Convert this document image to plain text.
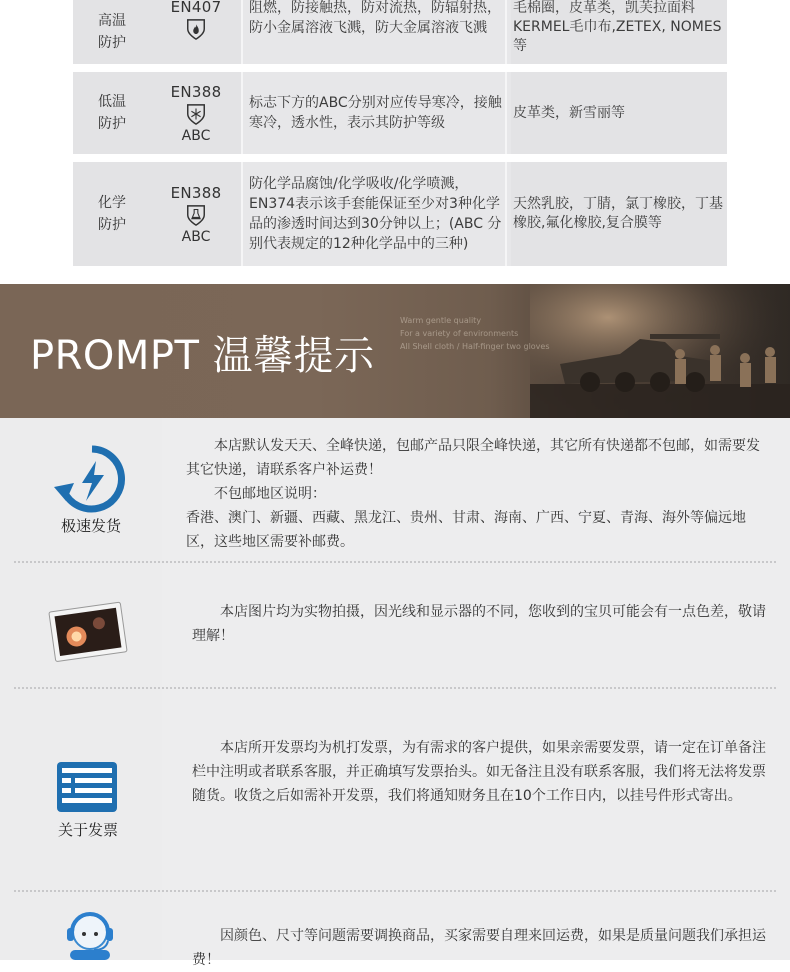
高温
防护
EN407 阻燃，防接触热，防对流热，防辐射热，防小金属溶液飞溅，防大金属溶液飞溅
毛棉圈，皮革类，凯芙拉面料 KERMEL毛巾布,ZETEX, NOMES等
低温
防护
EN388
ABC
标志下方的ABC分别对应传导寒冷，接触寒冷，透水性，表示其防护等级
皮革类，新雪丽等
化学
防护
EN388
ABC
防化学品腐蚀/化学吸收/化学喷溅，EN374表示该手套能保证至少对3种化学品的渗透时间达到30分钟以上；(ABC 分别代表规定的12种化学品中的三种)
天然乳胶，丁腈，氯丁橡胶，丁基橡胶,氟化橡胶,复合膜等
PROMPT 温馨提示
Warm gentle quality
For a variety of environments
All Shell cloth / Half-finger two gloves
极速发货

　　本店默认发天天、全峰快递，包邮产品只限全峰快递，其它所有快递都不包邮，如需要发其它快递，请联系客户补运费！

　　不包邮地区说明：

香港、澳门、新疆、西藏、黑龙江、贵州、甘肃、海南、广西、宁夏、青海、海外等偏远地区，这些地区需要补邮费。

　　本店图片均为实物拍摄，因光线和显示器的不同，您收到的宝贝可能会有一点色差，敬请理解！

关于发票

　　本店所开发票均为机打发票，为有需求的客户提供，如果亲需要发票，请一定在订单备注栏中注明或者联系客服，并正确填写发票抬头。如无备注且没有联系客服，我们将无法将发票随货。收货之后如需补开发票，我们将通知财务且在10个工作日内，以挂号件形式寄出。

　　因颜色、尺寸等问题需要调换商品，买家需要自理来回运费，如果是质量问题我们承担运费！
